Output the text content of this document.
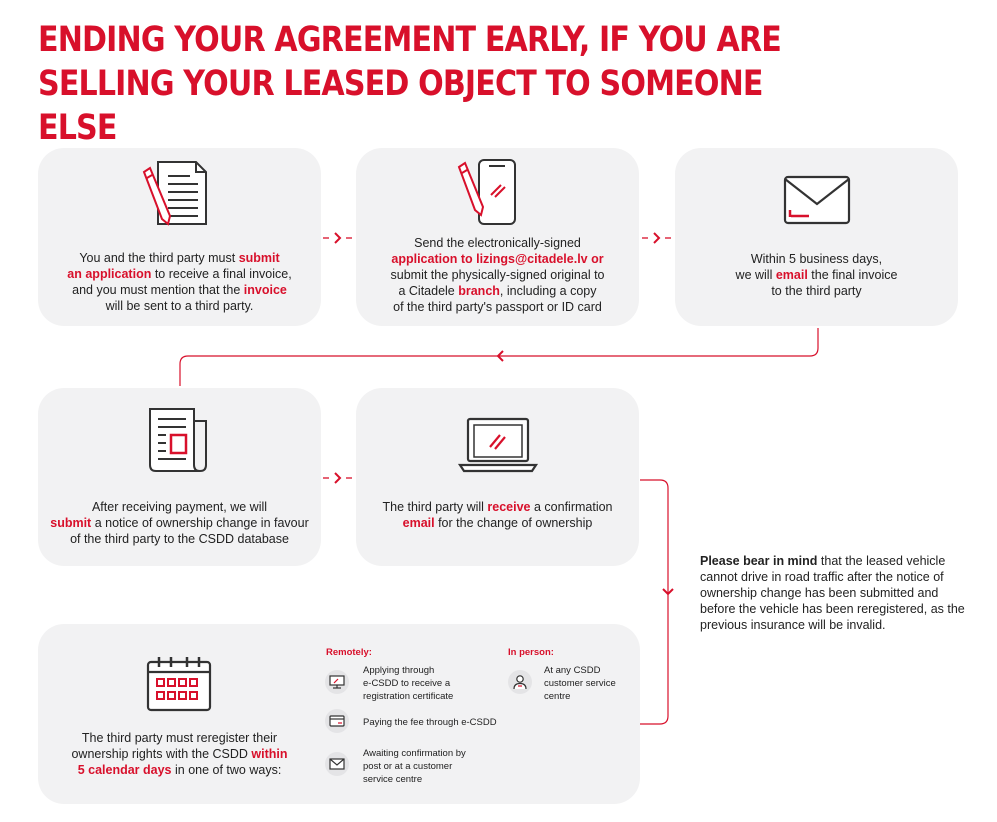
ENDING YOUR AGREEMENT EARLY, IF YOU ARE
SELLING YOUR LEASED OBJECT TO SOMEONE ELSE
You and the third party must submit
an application to receive a final invoice,
and you must mention that the invoice
will be sent to a third party.
Send the electronically-signed
application to lizings@citadele.lv or
submit the physically-signed original to
a Citadele branch, including a copy
of the third party's passport or ID card
Within 5 business days,
we will email the final invoice
to the third party
After receiving payment, we will
submit a notice of ownership change in favour
of the third party to the CSDD database
The third party will receive a confirmation
email for the change of ownership
The third party must reregister their
ownership rights with the CSDD within
5 calendar days in one of two ways:
Remotely:
Applying through
e-CSDD to receive a
registration certificate
Paying the fee through e-CSDD
Awaiting confirmation by
post or at a customer
service centre
In person:
At any CSDD
customer service
centre
Please bear in mind that the leased vehicle cannot drive in road traffic after the notice of ownership change has been submitted and before the vehicle has been reregistered, as the previous insurance will be invalid.
